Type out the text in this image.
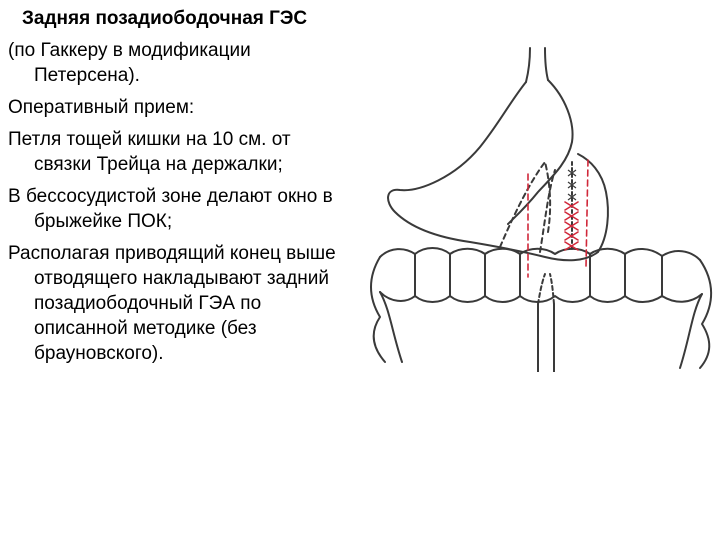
Задняя позадиободочная ГЭС
(по Гаккеру в модификации Петерсена).
Оперативный прием:
Петля тощей кишки на 10 см. от связки Трейца на держалки;
В бессосудистой зоне делают окно в брыжейке ПОК;
Располагая приводящий конец выше отводящего накладывают задний позадиободочный ГЭА по описанной методике (без брауновского).
